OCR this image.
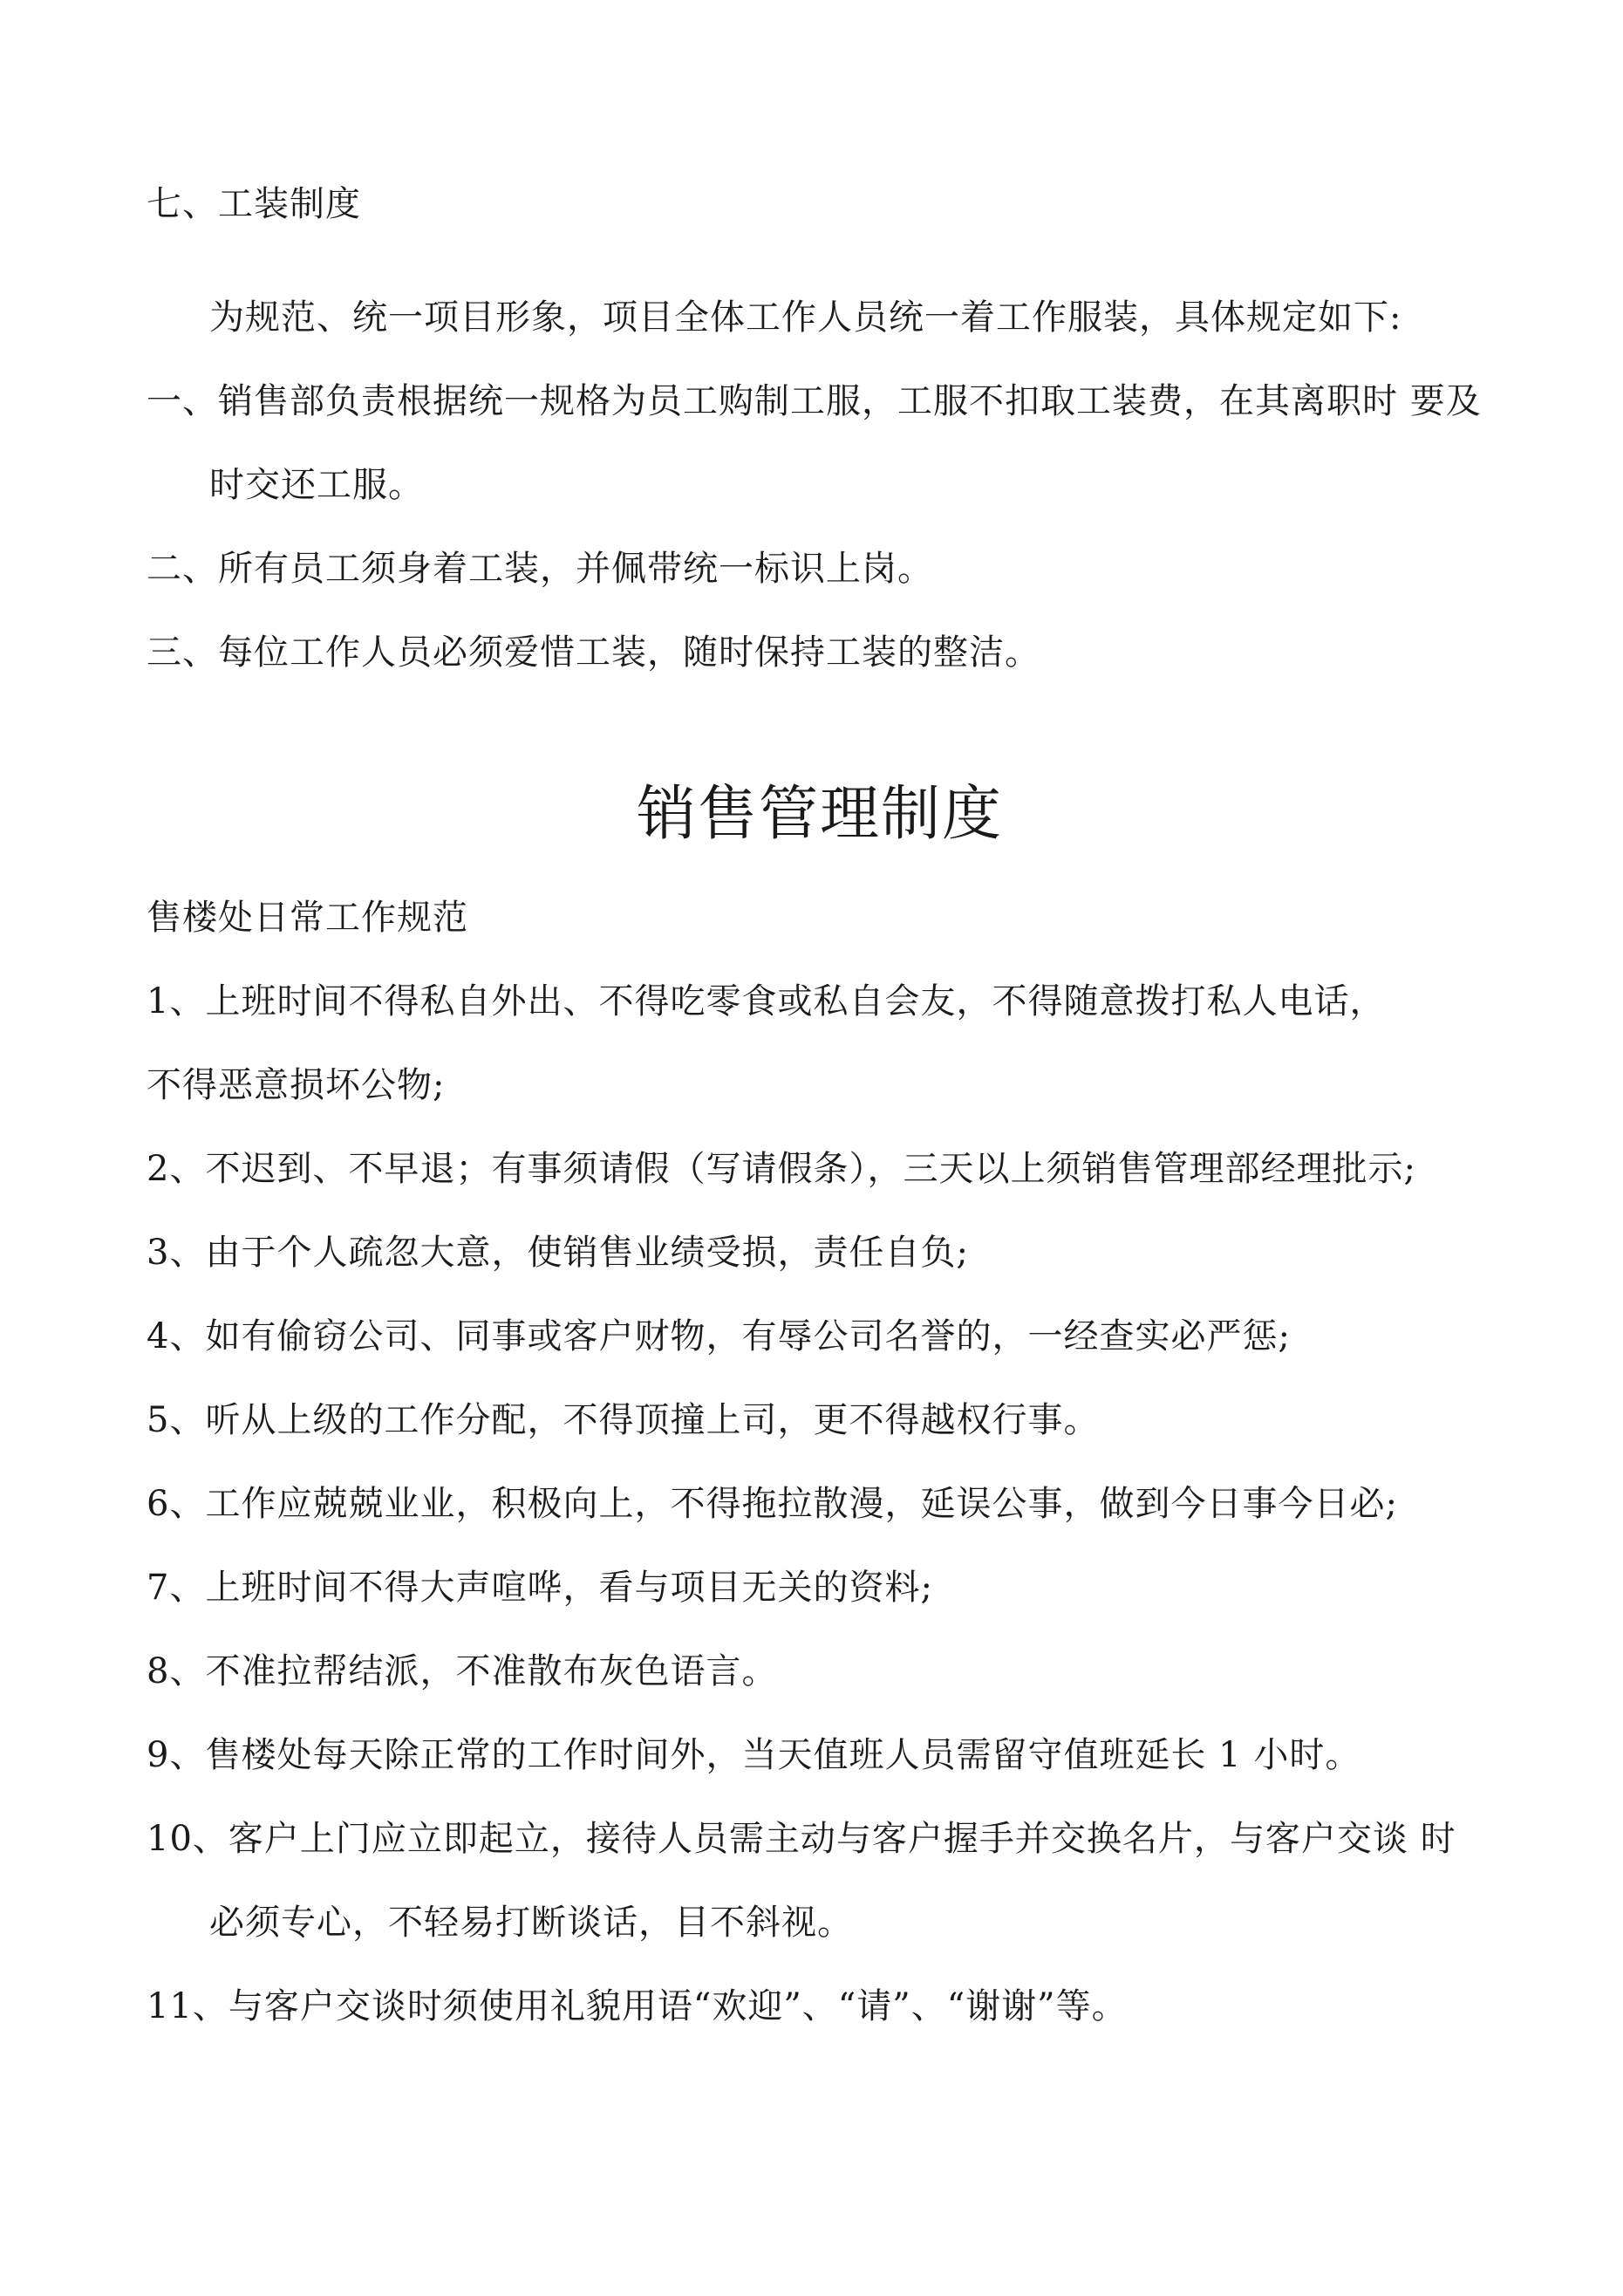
七、工装制度
为规范、统一项目形象，项目全体工作人员统一着工作服装，具体规定如下:
一、销售部负责根据统一规格为员工购制工服，工服不扣取工装费，在其离职时 要及
时交还工服。
二、所有员工须身着工装，并佩带统一标识上岗。
三、每位工作人员必须爱惜工装，随时保持工装的整洁。
销售管理制度
售楼处日常工作规范
1、上班时间不得私自外出、不得吃零食或私自会友，不得随意拨打私人电话，
不得恶意损坏公物;
2、不迟到、不早退；有事须请假（写请假条），三天以上须销售管理部经理批示;
3、由于个人疏忽大意，使销售业绩受损，责任自负;
4、如有偷窃公司、同事或客户财物，有辱公司名誉的，一经查实必严惩;
5、听从上级的工作分配，不得顶撞上司，更不得越权行事。
6、工作应兢兢业业，积极向上，不得拖拉散漫，延误公事，做到今日事今日必;
7、上班时间不得大声喧哗，看与项目无关的资料;
8、不准拉帮结派，不准散布灰色语言。
9、售楼处每天除正常的工作时间外，当天值班人员需留守值班延长 1 小时。
10、客户上门应立即起立，接待人员需主动与客户握手并交换名片，与客户交谈 时
必须专心，不轻易打断谈话，目不斜视。
11、与客户交谈时须使用礼貌用语“欢迎”、“请”、“谢谢”等。
